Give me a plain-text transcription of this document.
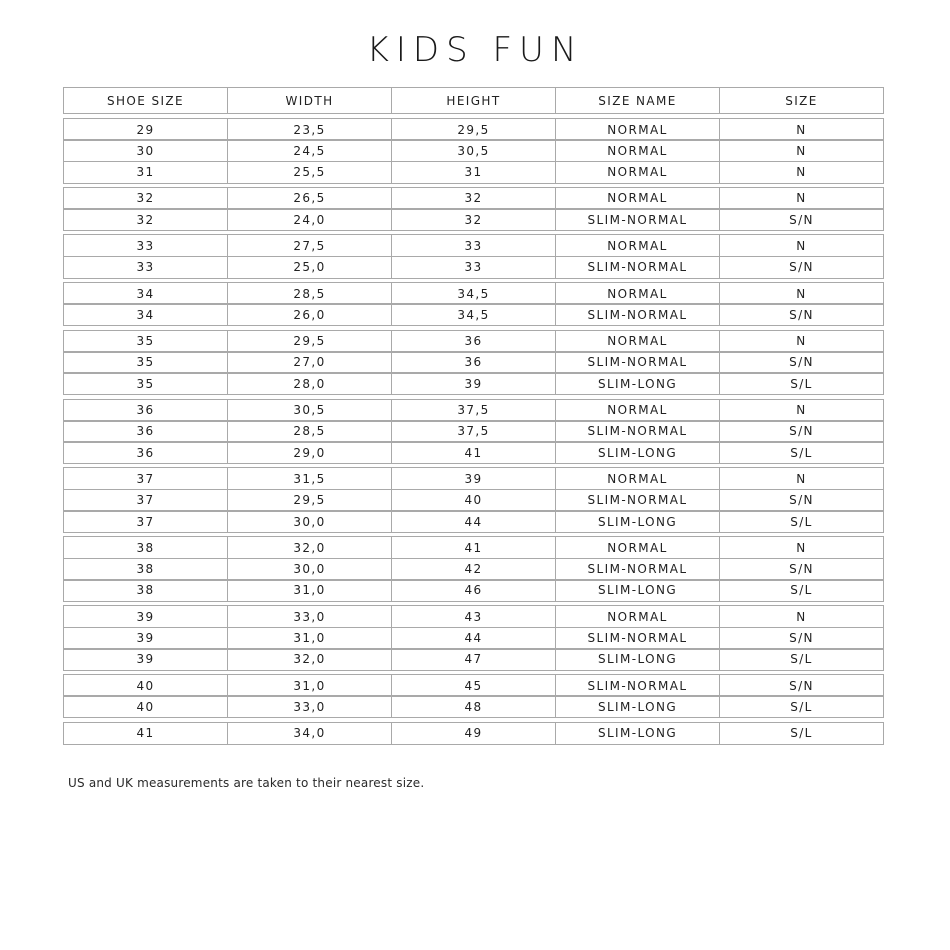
KIDS FUN
SHOE SIZE	WIDTH	HEIGHT	SIZE NAME	SIZE
29	23,5	29,5	NORMAL	N
30	24,5	30,5	NORMAL	N
31	25,5	31	NORMAL	N
32	26,5	32	NORMAL	N
32	24,0	32	SLIM-NORMAL	S/N
33	27,5	33	NORMAL	N
33	25,0	33	SLIM-NORMAL	S/N
34	28,5	34,5	NORMAL	N
34	26,0	34,5	SLIM-NORMAL	S/N
35	29,5	36	NORMAL	N
35	27,0	36	SLIM-NORMAL	S/N
35	28,0	39	SLIM-LONG	S/L
36	30,5	37,5	NORMAL	N
36	28,5	37,5	SLIM-NORMAL	S/N
36	29,0	41	SLIM-LONG	S/L
37	31,5	39	NORMAL	N
37	29,5	40	SLIM-NORMAL	S/N
37	30,0	44	SLIM-LONG	S/L
38	32,0	41	NORMAL	N
38	30,0	42	SLIM-NORMAL	S/N
38	31,0	46	SLIM-LONG	S/L
39	33,0	43	NORMAL	N
39	31,0	44	SLIM-NORMAL	S/N
39	32,0	47	SLIM-LONG	S/L
40	31,0	45	SLIM-NORMAL	S/N
40	33,0	48	SLIM-LONG	S/L
41	34,0	49	SLIM-LONG	S/L
US and UK measurements are taken to their nearest size.
